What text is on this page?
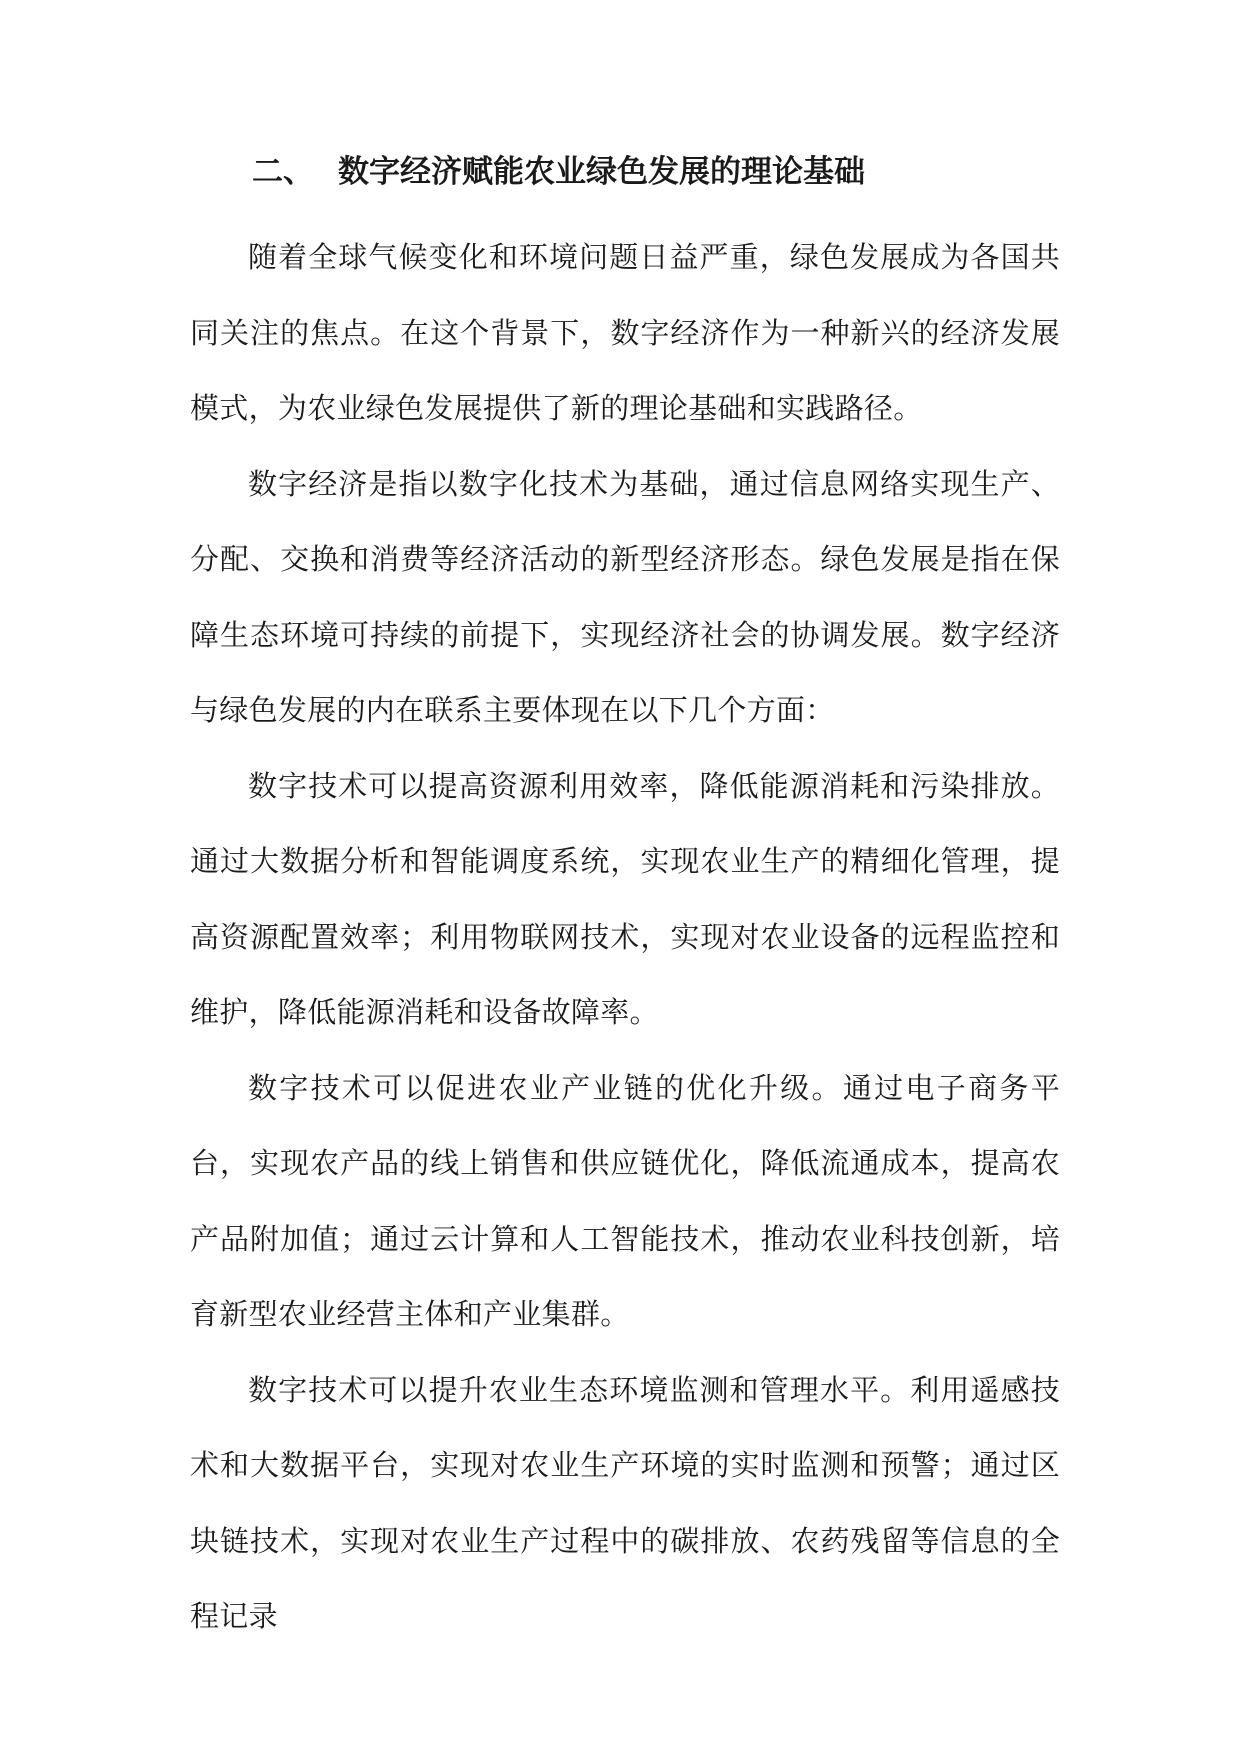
二、 数字经济赋能农业绿色发展的理论基础

随着全球气候变化和环境问题日益严重，绿色发展成为各国共同关注的焦点。在这个背景下，数字经济作为一种新兴的经济发展模式，为农业绿色发展提供了新的理论基础和实践路径。

数字经济是指以数字化技术为基础，通过信息网络实现生产、分配、交换和消费等经济活动的新型经济形态。绿色发展是指在保障生态环境可持续的前提下，实现经济社会的协调发展。数字经济与绿色发展的内在联系主要体现在以下几个方面：

数字技术可以提高资源利用效率，降低能源消耗和污染排放。通过大数据分析和智能调度系统，实现农业生产的精细化管理，提高资源配置效率；利用物联网技术，实现对农业设备的远程监控和维护，降低能源消耗和设备故障率。

数字技术可以促进农业产业链的优化升级。通过电子商务平台，实现农产品的线上销售和供应链优化，降低流通成本，提高农产品附加值；通过云计算和人工智能技术，推动农业科技创新，培育新型农业经营主体和产业集群。

数字技术可以提升农业生态环境监测和管理水平。利用遥感技术和大数据平台，实现对农业生产环境的实时监测和预警；通过区块链技术，实现对农业生产过程中的碳排放、农药残留等信息的全程记录
